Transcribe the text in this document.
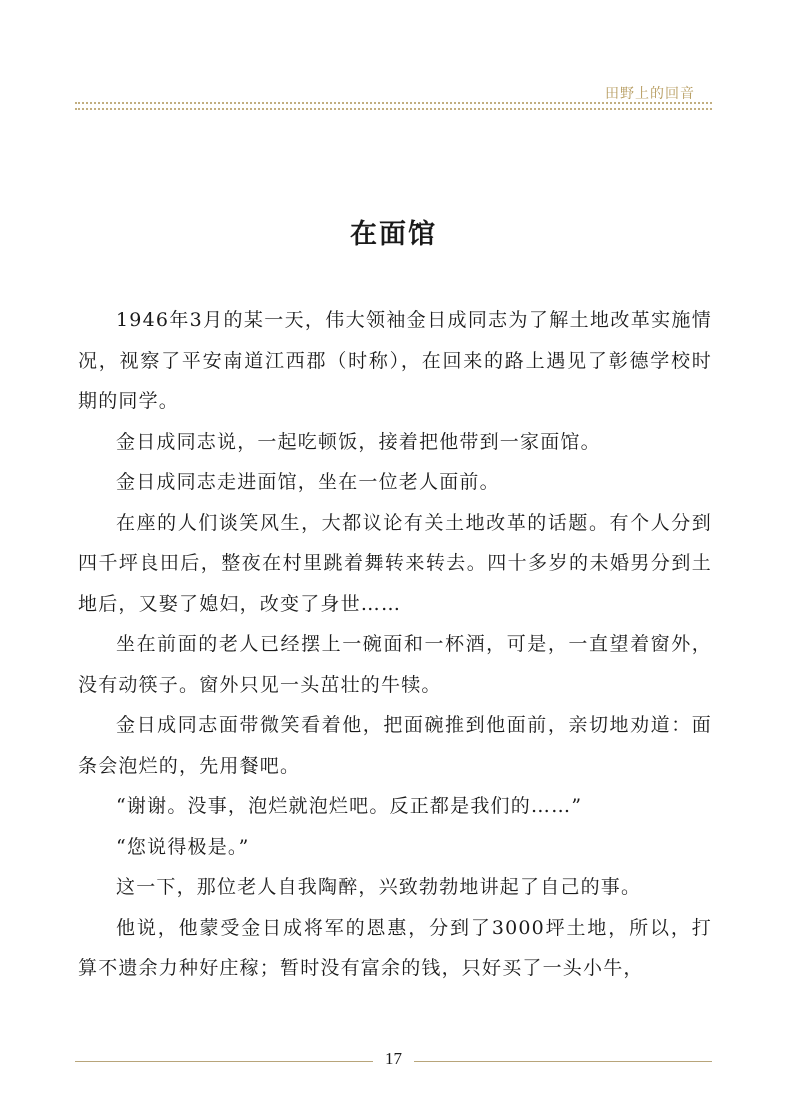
田野上的回音
在面馆

1946年3月的某一天，伟大领袖金日成同志为了解土地改革实施情况，视察了平安南道江西郡（时称），在回来的路上遇见了彰德学校时期的同学。

金日成同志说，一起吃顿饭，接着把他带到一家面馆。

金日成同志走进面馆，坐在一位老人面前。

在座的人们谈笑风生，大都议论有关土地改革的话题。有个人分到四千坪良田后，整夜在村里跳着舞转来转去。四十多岁的未婚男分到土地后，又娶了媳妇，改变了身世……

坐在前面的老人已经摆上一碗面和一杯酒，可是，一直望着窗外，没有动筷子。窗外只见一头茁壮的牛犊。

金日成同志面带微笑看着他，把面碗推到他面前，亲切地劝道：面条会泡烂的，先用餐吧。

“谢谢。没事，泡烂就泡烂吧。反正都是我们的……”

“您说得极是。”

这一下，那位老人自我陶醉，兴致勃勃地讲起了自己的事。

他说，他蒙受金日成将军的恩惠，分到了3000坪土地，所以，打算不遗余力种好庄稼；暂时没有富余的钱，只好买了一头小牛，

17
